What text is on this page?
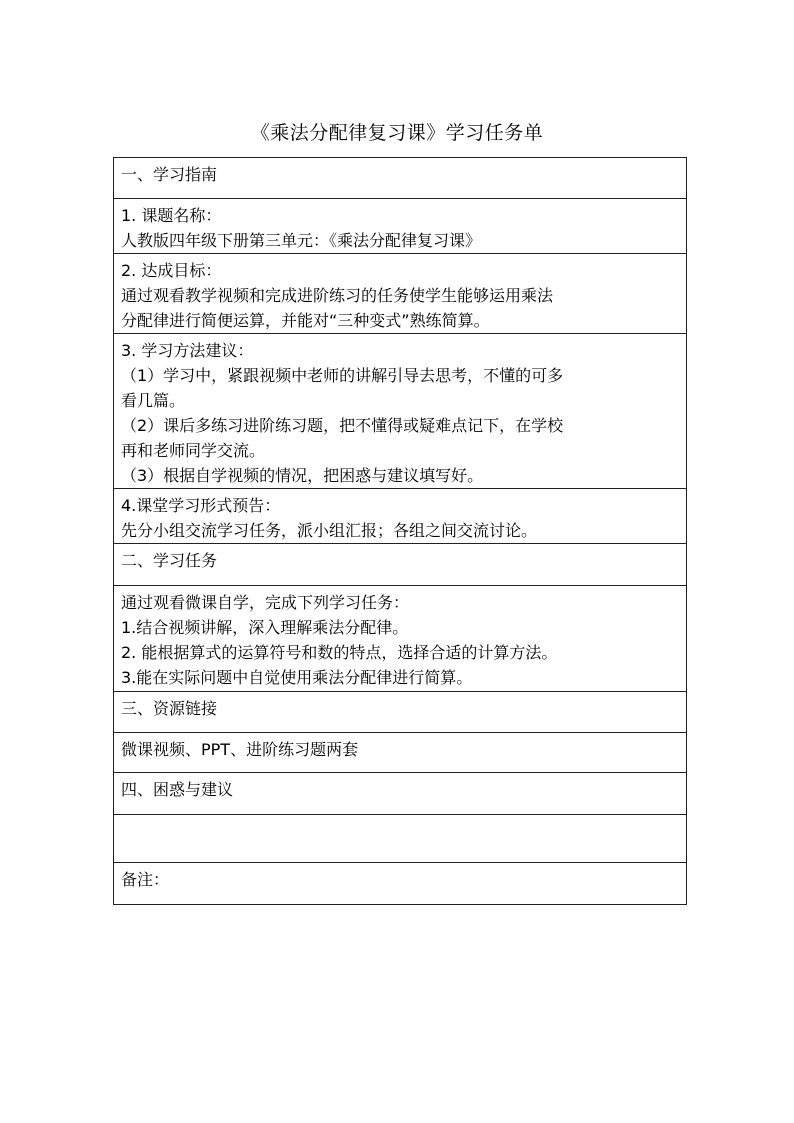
《乘法分配律复习课》学习任务单
一、学习指南

1. 课题名称：
人教版四年级下册第三单元：《乘法分配律复习课》

2. 达成目标：
通过观看教学视频和完成进阶练习的任务使学生能够运用乘法
分配律进行简便运算，并能对“三种变式”熟练简算。

3. 学习方法建议：
（1）学习中，紧跟视频中老师的讲解引导去思考，不懂的可多
看几篇。
（2）课后多练习进阶练习题，把不懂得或疑难点记下，在学校
再和老师同学交流。
（3）根据自学视频的情况，把困惑与建议填写好。

4.课堂学习形式预告：
先分小组交流学习任务，派小组汇报；各组之间交流讨论。

二、学习任务

通过观看微课自学，完成下列学习任务：
1.结合视频讲解，深入理解乘法分配律。
2. 能根据算式的运算符号和数的特点，选择合适的计算方法。
3.能在实际问题中自觉使用乘法分配律进行简算。

三、资源链接
微课视频、PPT、进阶练习题两套
四、困惑与建议

备注：
